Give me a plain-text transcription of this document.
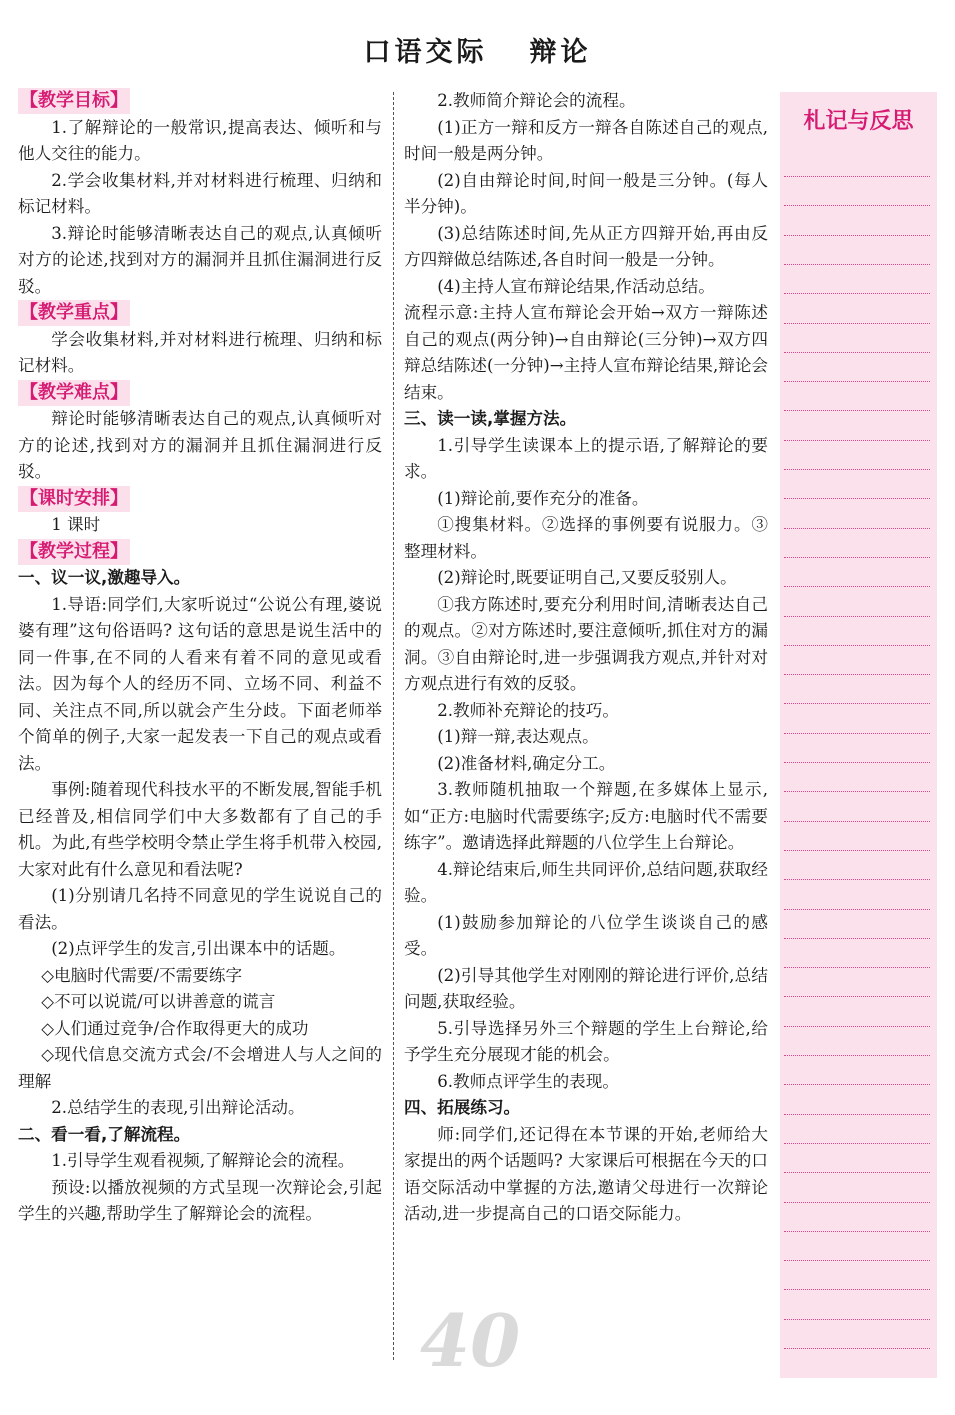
口语交际 辩论

【教学目标】

1.了解辩论的一般常识,提高表达、倾听和与他人交往的能力。

2.学会收集材料,并对材料进行梳理、归纳和标记材料。

3.辩论时能够清晰表达自己的观点,认真倾听对方的论述,找到对方的漏洞并且抓住漏洞进行反驳。

【教学重点】

学会收集材料,并对材料进行梳理、归纳和标记材料。

【教学难点】

辩论时能够清晰表达自己的观点,认真倾听对方的论述,找到对方的漏洞并且抓住漏洞进行反驳。

【课时安排】

1 课时

【教学过程】

一、议一议,激趣导入。

1.导语:同学们,大家听说过“公说公有理,婆说婆有理”这句俗语吗? 这句话的意思是说生活中的同一件事,在不同的人看来有着不同的意见或看法。因为每个人的经历不同、立场不同、利益不同、关注点不同,所以就会产生分歧。下面老师举个简单的例子,大家一起发表一下自己的观点或看法。

事例:随着现代科技水平的不断发展,智能手机已经普及,相信同学们中大多数都有了自己的手机。为此,有些学校明令禁止学生将手机带入校园,大家对此有什么意见和看法呢?

(1)分别请几名持不同意见的学生说说自己的看法。

(2)点评学生的发言,引出课本中的话题。

◇电脑时代需要/不需要练字

◇不可以说谎/可以讲善意的谎言

◇人们通过竞争/合作取得更大的成功

◇现代信息交流方式会/不会增进人与人之间的理解

2.总结学生的表现,引出辩论活动。

二、看一看,了解流程。

1.引导学生观看视频,了解辩论会的流程。

预设:以播放视频的方式呈现一次辩论会,引起学生的兴趣,帮助学生了解辩论会的流程。

2.教师简介辩论会的流程。

(1)正方一辩和反方一辩各自陈述自己的观点,时间一般是两分钟。

(2)自由辩论时间,时间一般是三分钟。(每人半分钟)。

(3)总结陈述时间,先从正方四辩开始,再由反方四辩做总结陈述,各自时间一般是一分钟。

(4)主持人宣布辩论结果,作活动总结。

流程示意:主持人宣布辩论会开始→双方一辩陈述自己的观点(两分钟)→自由辩论(三分钟)→双方四辩总结陈述(一分钟)→主持人宣布辩论结果,辩论会结束。

三、读一读,掌握方法。

1.引导学生读课本上的提示语,了解辩论的要求。

(1)辩论前,要作充分的准备。

①搜集材料。②选择的事例要有说服力。③整理材料。

(2)辩论时,既要证明自己,又要反驳别人。

①我方陈述时,要充分利用时间,清晰表达自己的观点。②对方陈述时,要注意倾听,抓住对方的漏洞。③自由辩论时,进一步强调我方观点,并针对对方观点进行有效的反驳。

2.教师补充辩论的技巧。

(1)辩一辩,表达观点。

(2)准备材料,确定分工。

3.教师随机抽取一个辩题,在多媒体上显示,如“正方:电脑时代需要练字;反方:电脑时代不需要练字”。邀请选择此辩题的八位学生上台辩论。

4.辩论结束后,师生共同评价,总结问题,获取经验。

(1)鼓励参加辩论的八位学生谈谈自己的感受。

(2)引导其他学生对刚刚的辩论进行评价,总结问题,获取经验。

5.引导选择另外三个辩题的学生上台辩论,给予学生充分展现才能的机会。

6.教师点评学生的表现。

四、拓展练习。

师:同学们,还记得在本节课的开始,老师给大家提出的两个话题吗? 大家课后可根据在今天的口语交际活动中掌握的方法,邀请父母进行一次辩论活动,进一步提高自己的口语交际能力。

札记与反思
40
